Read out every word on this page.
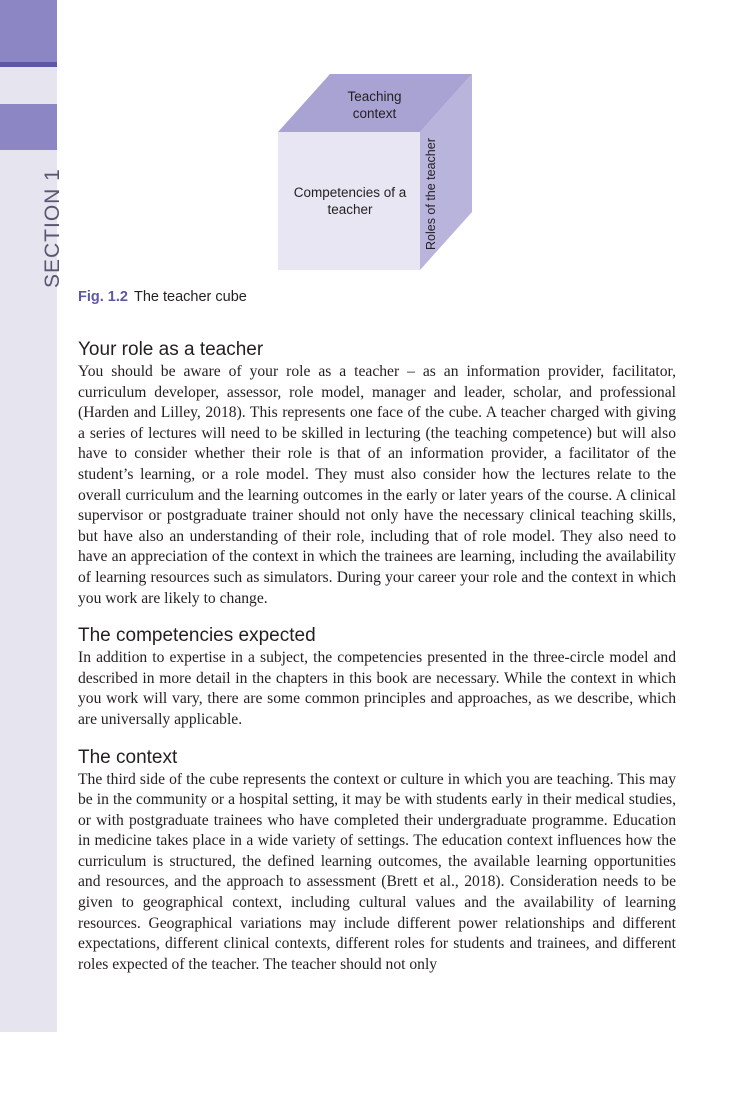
SECTION 1
Teaching context
Competencies of a teacher	Roles of the teacher
Fig. 1.2 The teacher cube
Your role as a teacher

You should be aware of your role as a teacher – as an information provider, facilitator, curriculum developer, assessor, role model, manager and leader, scholar, and professional (Harden and Lilley, 2018). This represents one face of the cube. A teacher charged with giving a series of lectures will need to be skilled in lecturing (the teaching competence) but will also have to consider whether their role is that of an information provider, a facilitator of the student’s learning, or a role model. They must also consider how the lectures relate to the overall curriculum and the learning outcomes in the early or later years of the course. A clinical supervisor or postgraduate trainer should not only have the necessary clinical teaching skills, but have also an understanding of their role, including that of role model. They also need to have an appreciation of the context in which the trainees are learning, including the availability of learning resources such as simulators. During your career your role and the context in which you work are likely to change.

The competencies expected

In addition to expertise in a subject, the competencies presented in the three-circle model and described in more detail in the chapters in this book are necessary. While the context in which you work will vary, there are some common principles and approaches, as we describe, which are universally applicable.

The context

The third side of the cube represents the context or culture in which you are teaching. This may be in the community or a hospital setting, it may be with students early in their medical studies, or with postgraduate trainees who have completed their undergraduate programme. Education in medicine takes place in a wide variety of settings. The education context influences how the curriculum is structured, the defined learning outcomes, the available learning opportunities and resources, and the approach to assessment (Brett et al., 2018). Consideration needs to be given to geographical context, including cultural values and the availability of learning resources. Geographical variations may include different power relationships and different expectations, different clinical contexts, different roles for students and trainees, and different roles expected of the teacher. The teacher should not only
